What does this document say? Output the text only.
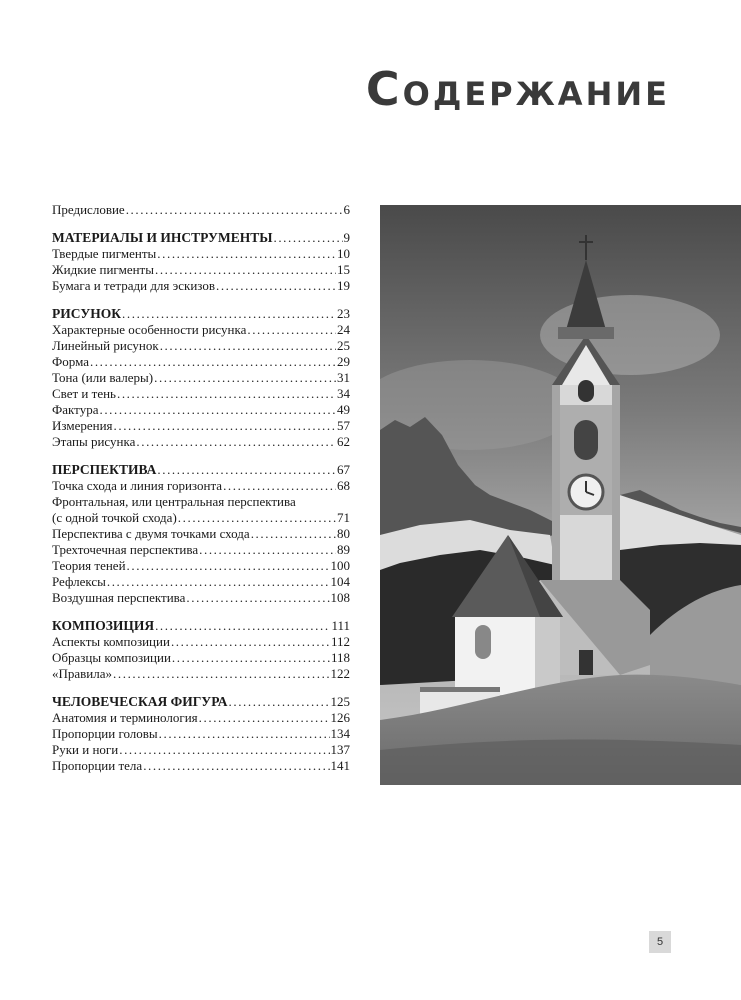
Содержание
Предисловие .....	6
МАТЕРИАЛЫ И ИНСТРУМЕНТЫ .....	9
Твердые пигменты .....	10
Жидкие пигменты .....	15
Бумага и тетради для эскизов .....	19
РИСУНОК .....	23
Характерные особенности рисунка .....	24
Линейный рисунок .....	25
Форма .....	29
Тона (или валеры) .....	31
Свет и тень .....	34
Фактура .....	49
Измерения .....	57
Этапы рисунка .....	62
ПЕРСПЕКТИВА .....	67
Точка схода и линия горизонта .....	68
Фронтальная, или центральная перспектива
(с одной точкой схода) .....	71
Перспектива с двумя точками схода .....	80
Трехточечная перспектива .....	89
Теория теней .....	100
Рефлексы .....	104
Воздушная перспектива .....	108
КОМПОЗИЦИЯ .....	111
Аспекты композиции .....	112
Образцы композиции .....	118
«Правила» .....	122
ЧЕЛОВЕЧЕСКАЯ ФИГУРА .....	125
Анатомия и терминология .....	126
Пропорции головы .....	134
Руки и ноги .....	137
Пропорции тела .....	141
5
